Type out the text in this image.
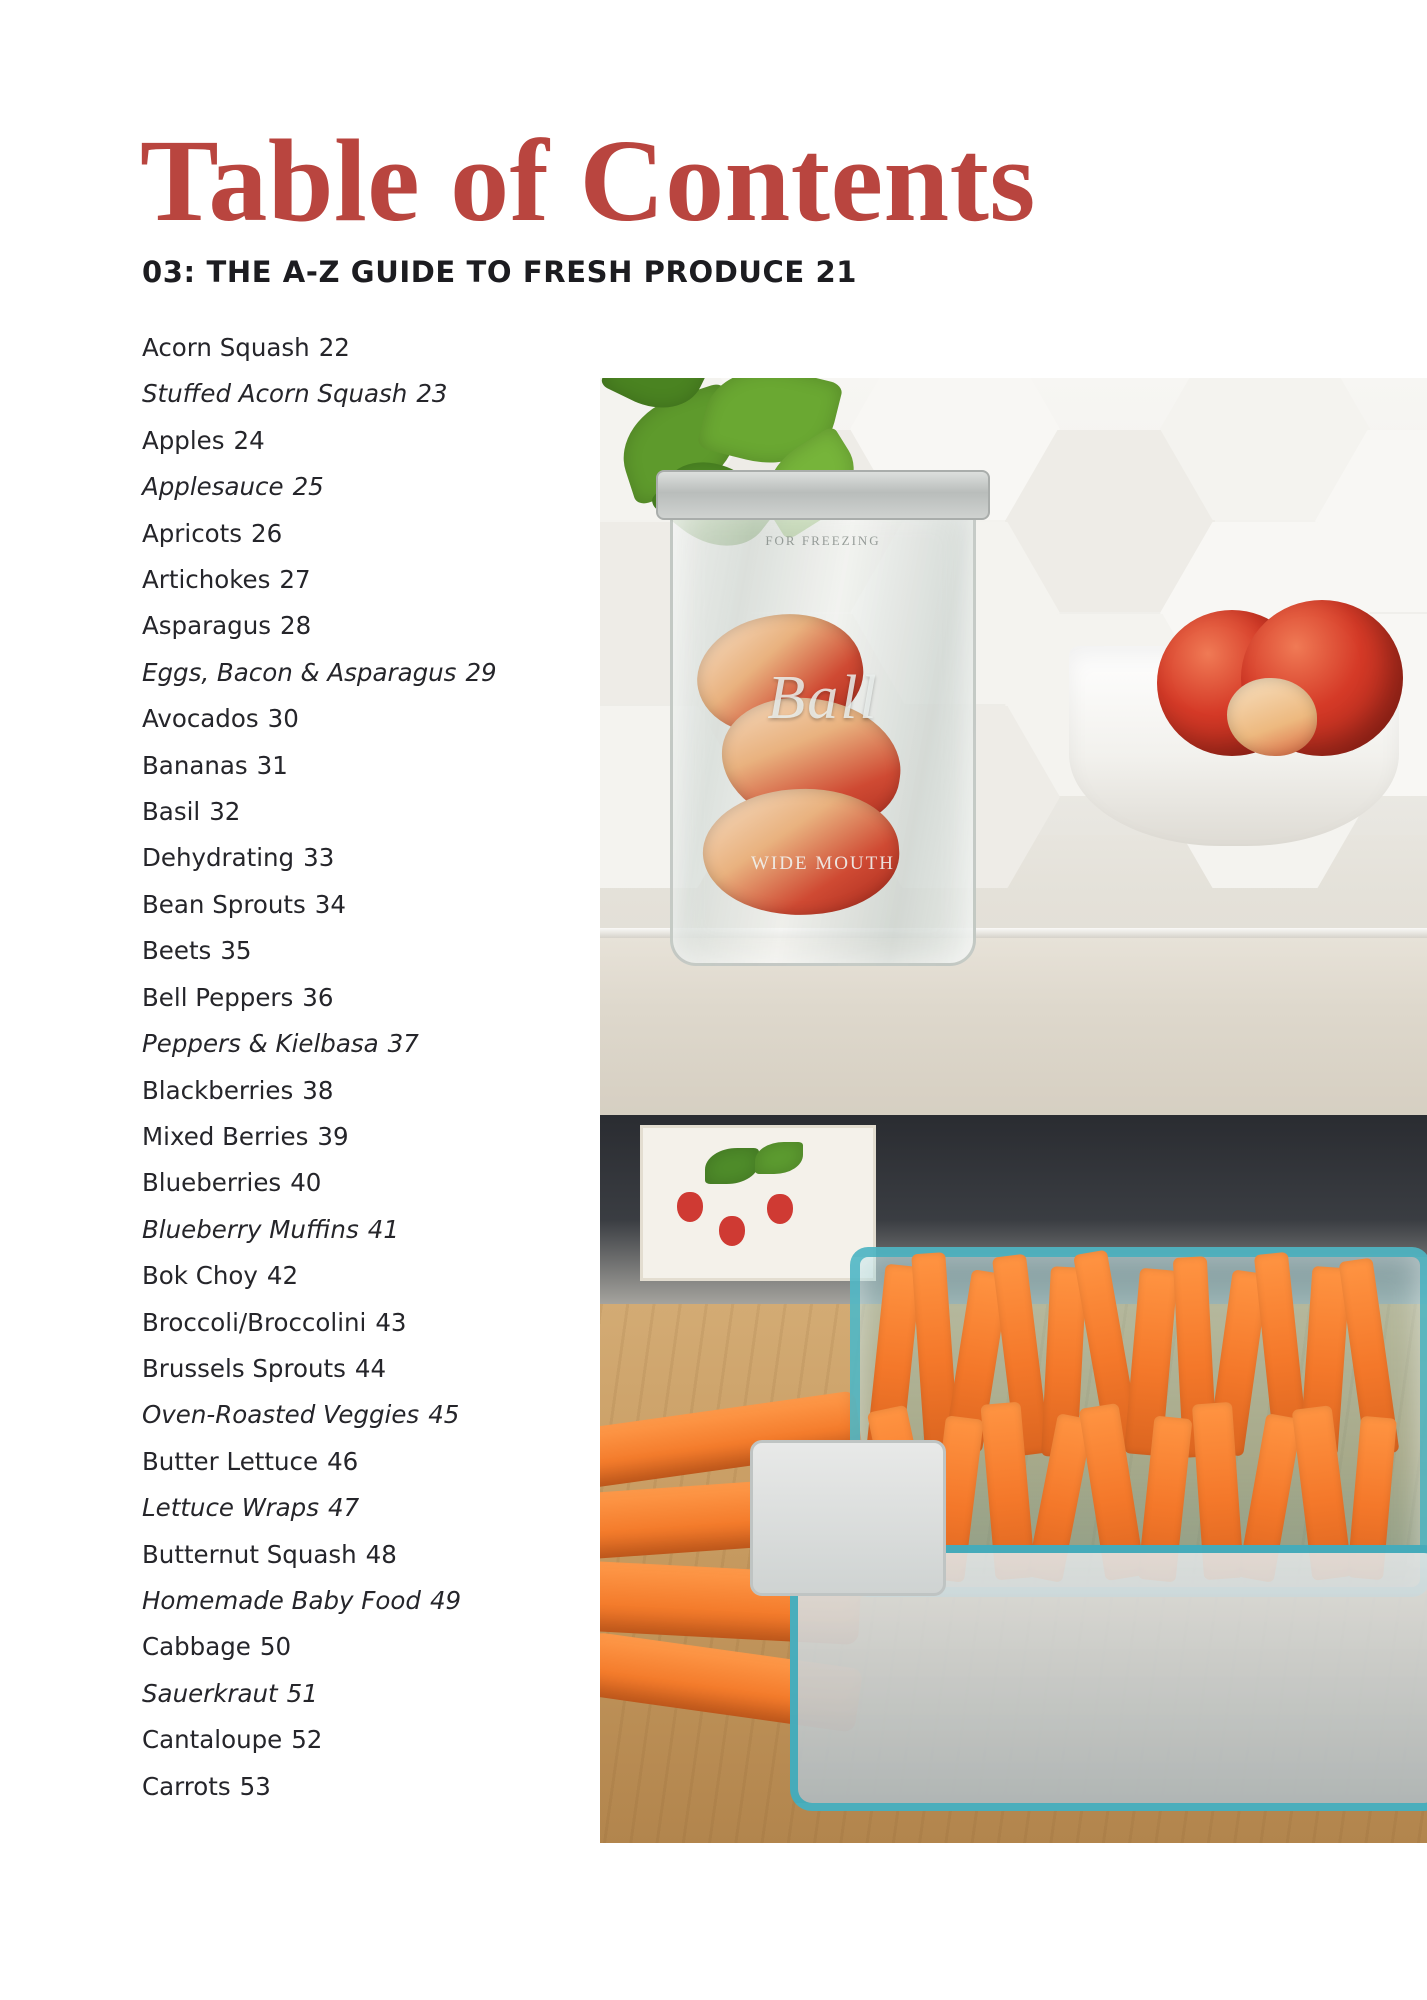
Table of Contents
03: THE A-Z GUIDE TO FRESH PRODUCE 21
Acorn Squash 22
Stuffed Acorn Squash 23
Apples 24
Applesauce 25
Apricots 26
Artichokes 27
Asparagus 28
Eggs, Bacon & Asparagus 29
Avocados 30
Bananas 31
Basil 32
Dehydrating 33
Bean Sprouts 34
Beets 35
Bell Peppers 36
Peppers & Kielbasa 37
Blackberries 38
Mixed Berries 39
Blueberries 40
Blueberry Muffins 41
Bok Choy 42
Broccoli/Broccolini 43
Brussels Sprouts 44
Oven-Roasted Veggies 45
Butter Lettuce 46
Lettuce Wraps 47
Butternut Squash 48
Homemade Baby Food 49
Cabbage 50
Sauerkraut 51
Cantaloupe 52
Carrots 53
FOR FREEZING
Ball
WIDE MOUTH
